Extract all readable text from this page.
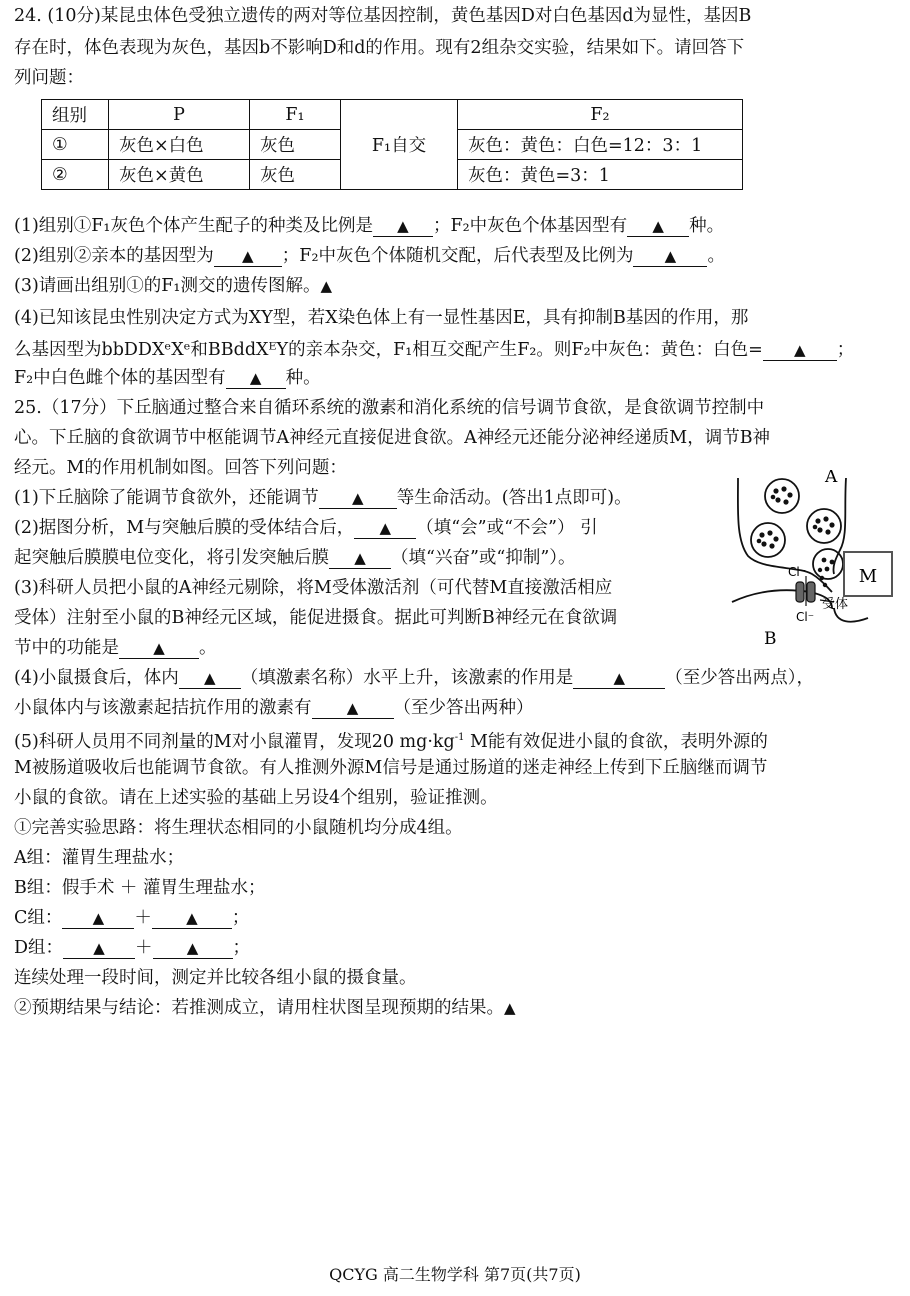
24. (10分)某昆虫体色受独立遗传的两对等位基因控制，黄色基因D对白色基因d为显性，基因B
存在时，体色表现为灰色，基因b不影响D和d的作用。现有2组杂交实验，结果如下。请回答下
列问题：
组别	P	F₁	F₁自交	F₂
①	灰色×白色	灰色		灰色：黄色：白色=12：3：1
②	灰色×黄色	灰色		灰色：黄色=3：1
(1)组别①F₁灰色个体产生配子的种类及比例是 ▲ ；F₂中灰色个体基因型有 ▲ 种。
(2)组别②亲本的基因型为 ▲ ；F₂中灰色个体随机交配，后代表型及比例为 ▲ 。
(3)请画出组别①的F₁测交的遗传图解。▲
(4)已知该昆虫性别决定方式为XY型，若X染色体上有一显性基因E，具有抑制B基因的作用，那
么基因型为bbDDXᵉXᵉ和BBddXᴱY的亲本杂交，F₁相互交配产生F₂。则F₂中灰色：黄色：白色= ▲ ；
F₂中白色雌个体的基因型有 ▲ 种。
25.（17分）下丘脑通过整合来自循环系统的激素和消化系统的信号调节食欲，是食欲调节控制中
心。下丘脑的食欲调节中枢能调节A神经元直接促进食欲。A神经元还能分泌神经递质M，调节B神
经元。M的作用机制如图。回答下列问题：
(1)下丘脑除了能调节食欲外，还能调节 ▲ 等生命活动。(答出1点即可)。
(2)据图分析，M与突触后膜的受体结合后， ▲ （填“会”或“不会”） 引
起突触后膜膜电位变化，将引发突触后膜 ▲ （填“兴奋”或“抑制”）。
(3)科研人员把小鼠的A神经元剔除，将M受体激活剂（可代替M直接激活相应
受体）注射至小鼠的B神经元区域，能促进摄食。据此可判断B神经元在食欲调
节中的功能是 ▲ 。
M
A
B
Cl⁻
Cl⁻
受体
(4)小鼠摄食后，体内 ▲ （填激素名称）水平上升，该激素的作用是	▲ （至少答出两点），
小鼠体内与该激素起拮抗作用的激素有 ▲ （至少答出两种）
(5)科研人员用不同剂量的M对小鼠灌胃，发现20 $mg\cdot kg^{-1}$ M能有效促进小鼠的食欲，表明外源的
M被肠道吸收后也能调节食欲。有人推测外源M信号是通过肠道的迷走神经上传到下丘脑继而调节
小鼠的食欲。请在上述实验的基础上另设4个组别，验证推测。
①完善实验思路：将生理状态相同的小鼠随机均分成4组。
A组：灌胃生理盐水；
B组：假手术 ＋ 灌胃生理盐水；
C组： ▲ ＋ ▲ ；
D组： ▲ ＋ ▲ ；
连续处理一段时间，测定并比较各组小鼠的摄食量。
②预期结果与结论：若推测成立，请用柱状图呈现预期的结果。▲
QCYG 高二生物学科 第7页(共7页)
